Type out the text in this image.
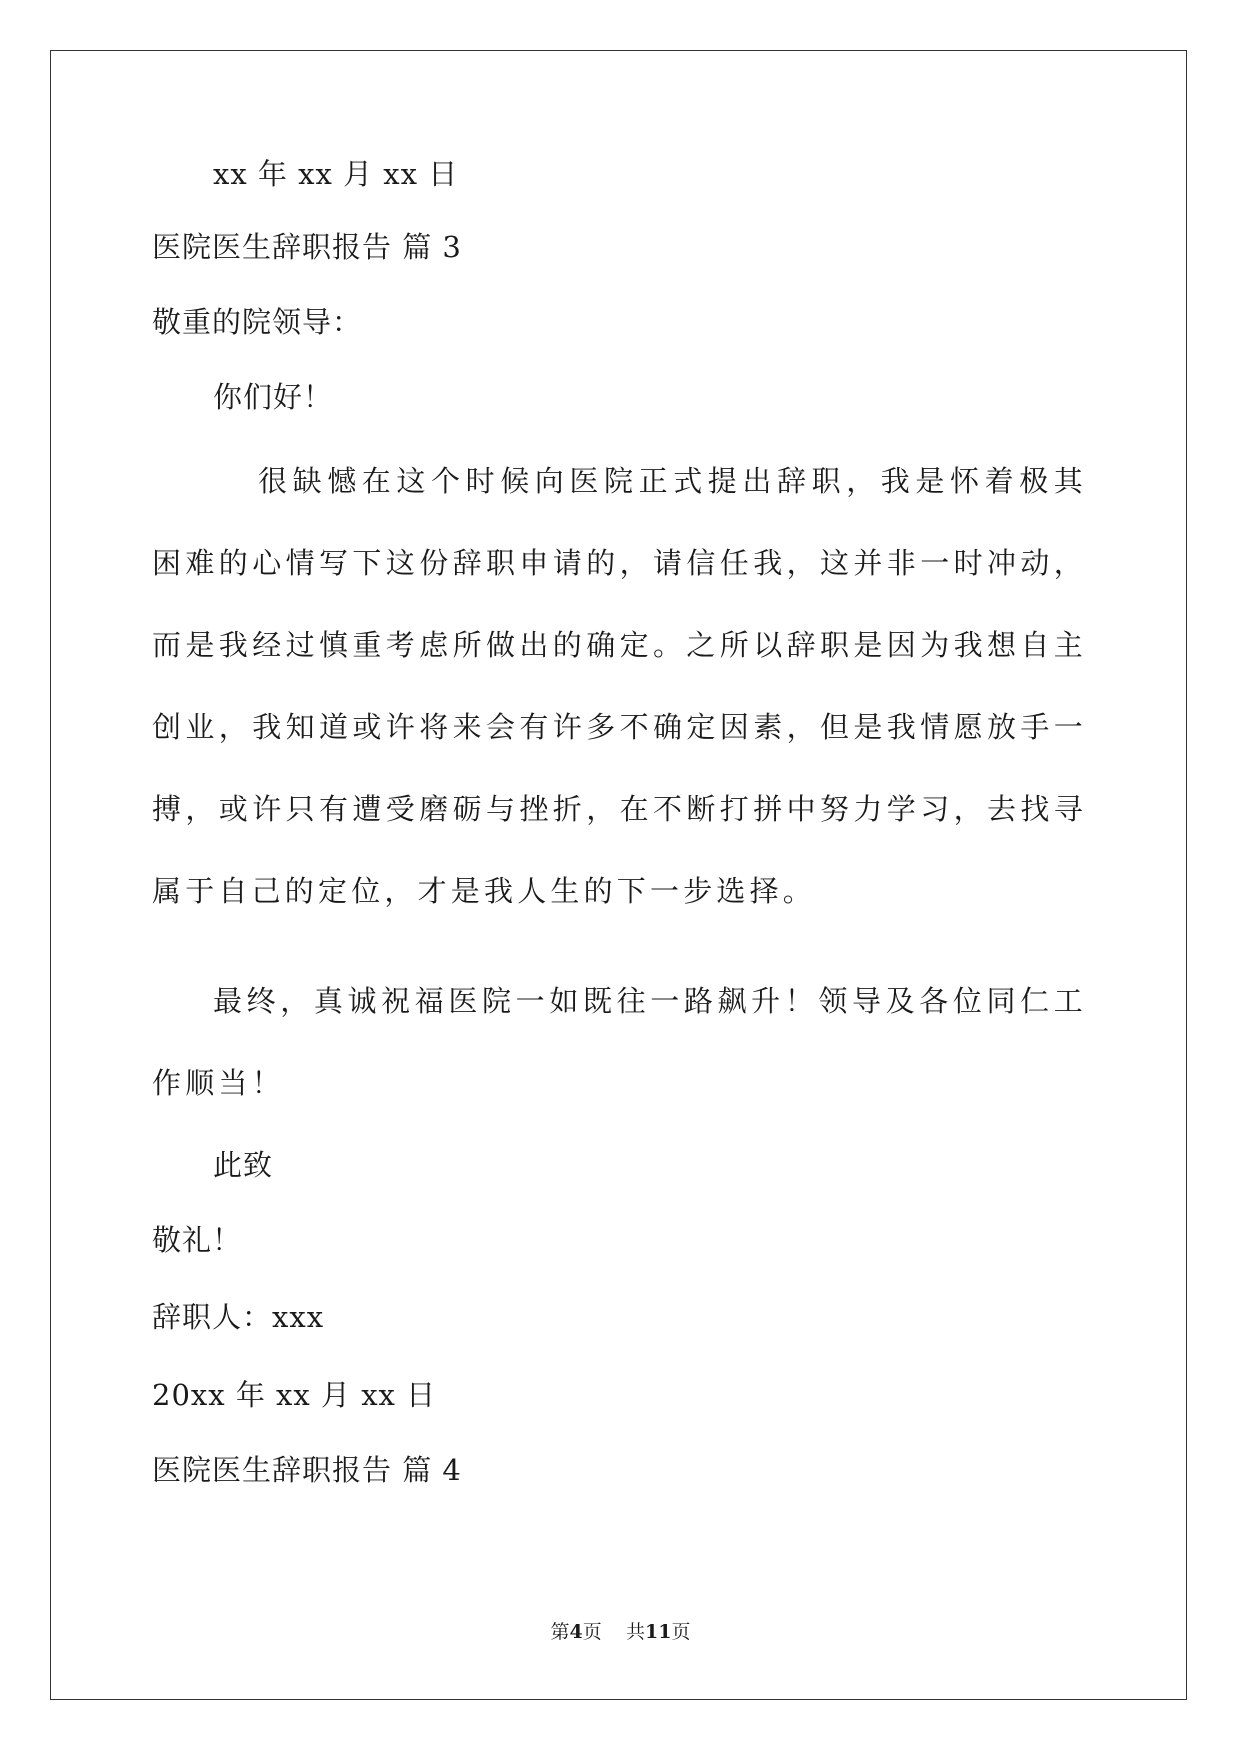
xx 年 xx 月 xx 日
医院医生辞职报告 篇 3
敬重的院领导：
你们好！
很缺憾在这个时候向医院正式提出辞职，我是怀着极其困难的心情写下这份辞职申请的，请信任我，这并非一时冲动，而是我经过慎重考虑所做出的确定。之所以辞职是因为我想自主创业，我知道或许将来会有许多不确定因素，但是我情愿放手一搏，或许只有遭受磨砺与挫折，在不断打拼中努力学习，去找寻属于自己的定位，才是我人生的下一步选择。
最终，真诚祝福医院一如既往一路飙升！领导及各位同仁工作顺当！
此致
敬礼！
辞职人：xxx
20xx 年 xx 月 xx 日
医院医生辞职报告 篇 4
第4页 共11页
